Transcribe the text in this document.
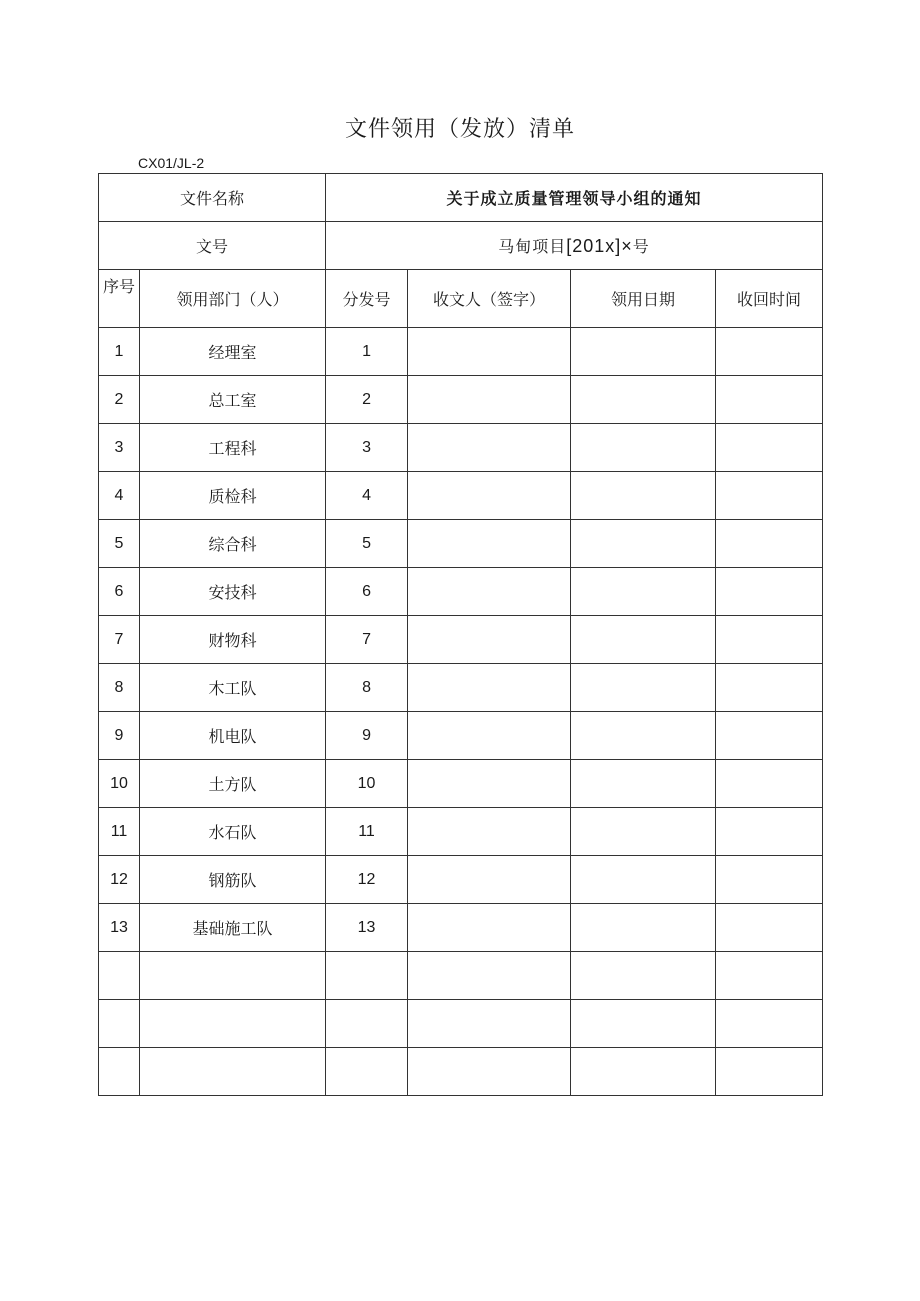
文件领用（发放）清单
CX01/JL-2
文件名称		关于成立质量管理领导小组的通知			
文号		马甸项目[201x]×号			
序号	领用部门（人）	分发号	收文人（签字）	领用日期	收回时间
1	经理室	1			
2	总工室	2			
3	工程科	3			
4	质检科	4			
5	综合科	5			
6	安技科	6			
7	财物科	7			
8	木工队	8			
9	机电队	9			
10	土方队	10			
11	水石队	11			
12	钢筋队	12			
13	基础施工队	13			
